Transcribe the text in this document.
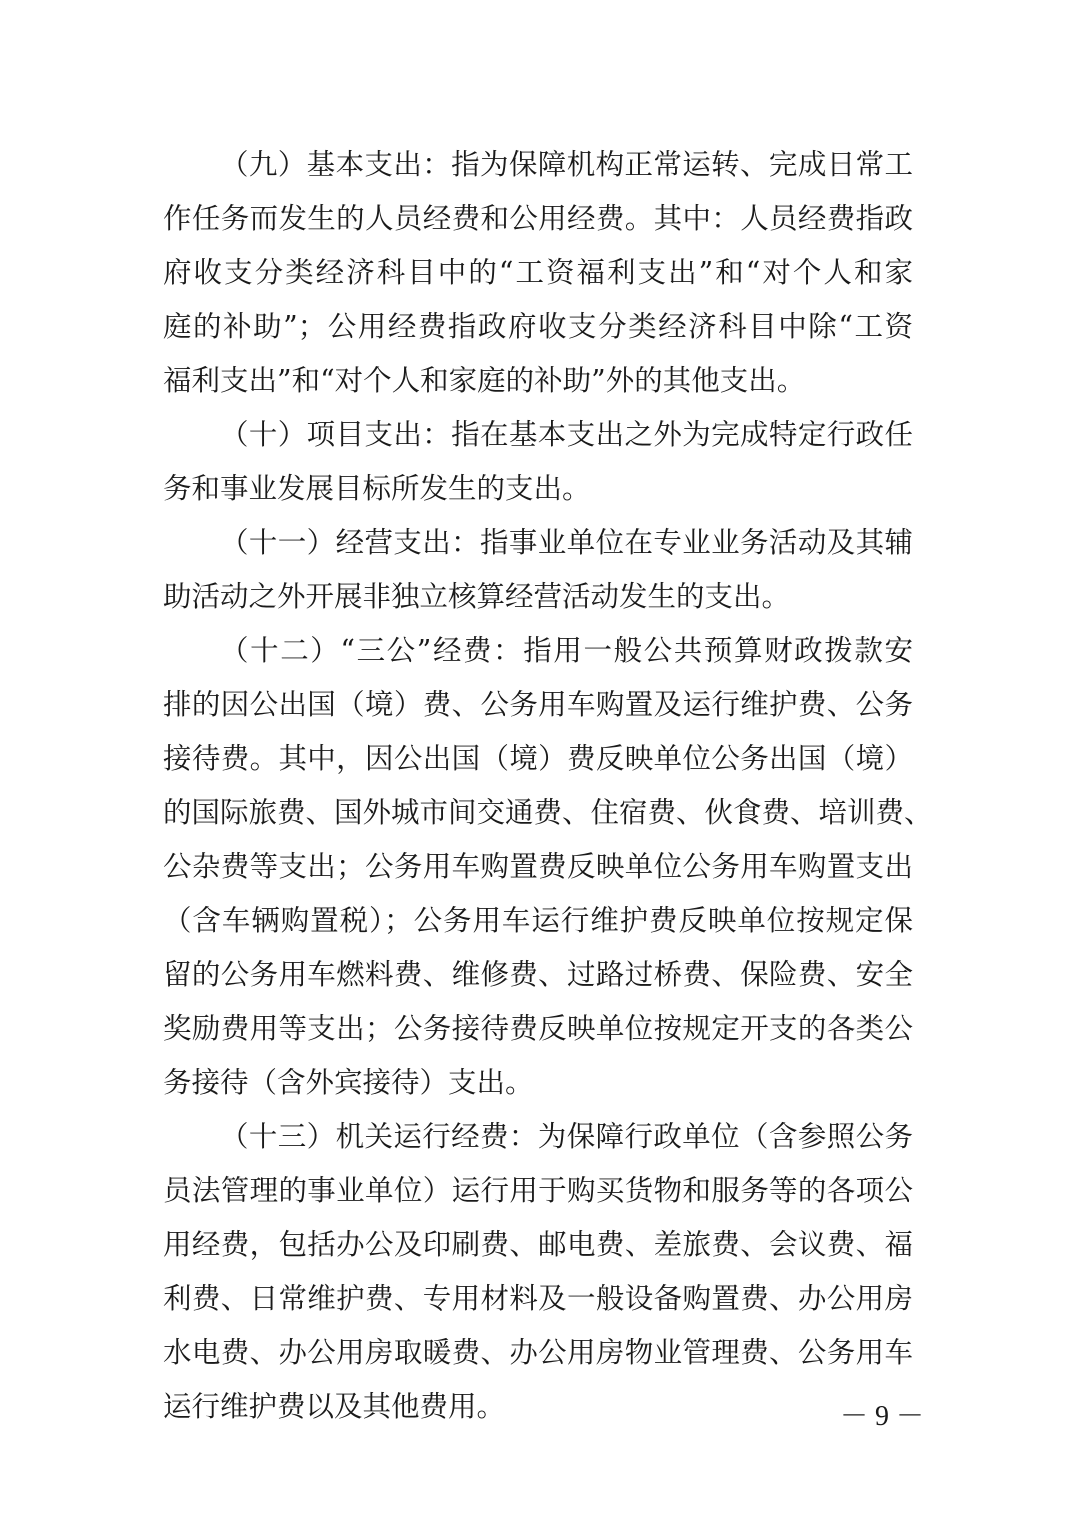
（九）基本支出：指为保障机构正常运转、完成日常工
作任务而发生的人员经费和公用经费。其中：人员经费指政
府收支分类经济科目中的“工资福利支出”和“对个人和家
庭的补助”；公用经费指政府收支分类经济科目中除“工资
福利支出”和“对个人和家庭的补助”外的其他支出。
（十）项目支出：指在基本支出之外为完成特定行政任
务和事业发展目标所发生的支出。
（十一）经营支出：指事业单位在专业业务活动及其辅
助活动之外开展非独立核算经营活动发生的支出。
（十二）“三公”经费：指用一般公共预算财政拨款安
排的因公出国（境）费、公务用车购置及运行维护费、公务
接待费。其中，因公出国（境）费反映单位公务出国（境）
的国际旅费、国外城市间交通费、住宿费、伙食费、培训费、
公杂费等支出；公务用车购置费反映单位公务用车购置支出
（含车辆购置税）；公务用车运行维护费反映单位按规定保
留的公务用车燃料费、维修费、过路过桥费、保险费、安全
奖励费用等支出；公务接待费反映单位按规定开支的各类公
务接待（含外宾接待）支出。
（十三）机关运行经费：为保障行政单位（含参照公务
员法管理的事业单位）运行用于购买货物和服务等的各项公
用经费，包括办公及印刷费、邮电费、差旅费、会议费、福
利费、日常维护费、专用材料及一般设备购置费、办公用房
水电费、办公用房取暖费、办公用房物业管理费、公务用车
运行维护费以及其他费用。	－ 9 －
